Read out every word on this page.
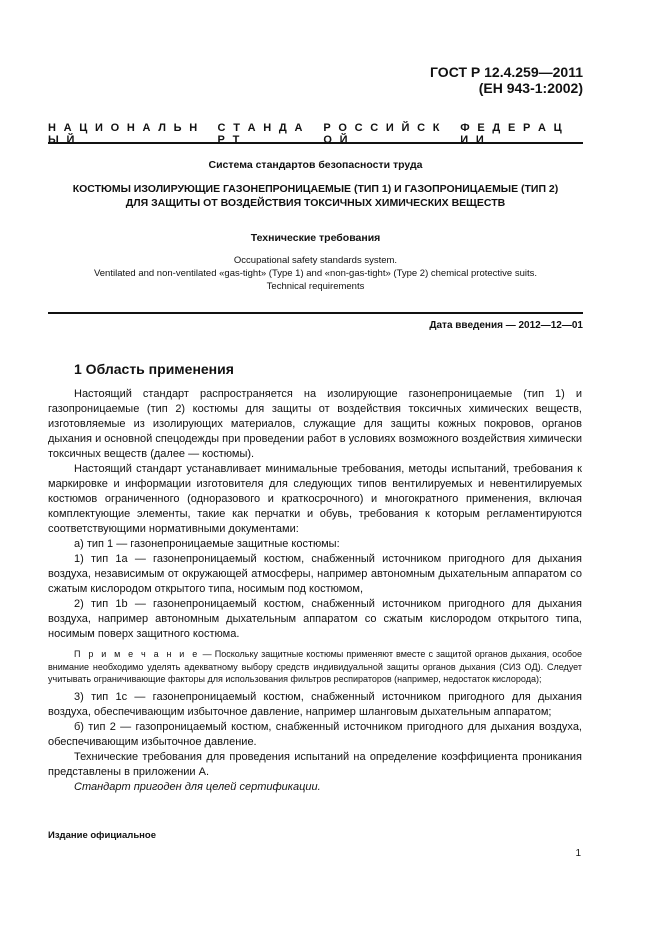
ГОСТ Р 12.4.259—2011
(ЕН 943-1:2002)
Н  А  Ц  И  О  Н  А  Л  Ь  Н  Ы  Й
С  Т  А  Н  Д  А  Р  Т
Р  О  С  С  И  Й  С  К  О  Й
Ф  Е  Д  Е  Р  А  Ц  И  И
Система стандартов безопасности труда
КОСТЮМЫ ИЗОЛИРУЮЩИЕ ГАЗОНЕПРОНИЦАЕМЫЕ (ТИП 1) И ГАЗОПРОНИЦАЕМЫЕ (ТИП 2)
ДЛЯ ЗАЩИТЫ ОТ ВОЗДЕЙСТВИЯ ТОКСИЧНЫХ ХИМИЧЕСКИХ ВЕЩЕСТВ
Технические требования
Occupational safety standards system.
Ventilated and non-ventilated «gas-tight» (Type 1) and «non-gas-tight» (Type 2) chemical protective suits.
Technical requirements
Дата введения — 2012—12—01
1 Область применения

Настоящий стандарт распространяется на изолирующие газонепроницаемые (тип 1) и газопроницаемые (тип 2) костюмы для защиты от воздействия токсичных химических веществ, изготовляемые из изолирующих материалов, служащие для защиты кожных покровов, органов дыхания и основной спецодежды при проведении работ в условиях возможного воздействия химически токсичных веществ (далее — костюмы).

Настоящий стандарт устанавливает минимальные требования, методы испытаний, требования к маркировке и информации изготовителя для следующих типов вентилируемых и невентилируемых костюмов ограниченного (одноразового и краткосрочного) и многократного применения, включая комплектующие элементы, такие как перчатки и обувь, требования к которым регламентируются соответствующими нормативными документами:

а) тип 1 — газонепроницаемые защитные костюмы:

1) тип 1а — газонепроницаемый костюм, снабженный источником пригодного для дыхания воздуха, независимым от окружающей атмосферы, например автономным дыхательным аппаратом со сжатым кислородом открытого типа, носимым под костюмом,

2) тип 1b — газонепроницаемый костюм, снабженный источником пригодного для дыхания воздуха, например автономным дыхательным аппаратом со сжатым кислородом открытого типа, носимым поверх защитного костюма.

П р и м е ч а н и е — Поскольку защитные костюмы применяют вместе с защитой органов дыхания, особое внимание необходимо уделять адекватному выбору средств индивидуальной защиты органов дыхания (СИЗ ОД). Следует учитывать ограничивающие факторы для использования фильтров респираторов (например, недостаток кислорода);

3) тип 1с — газонепроницаемый костюм, снабженный источником пригодного для дыхания воздуха, обеспечивающим избыточное давление, например шланговым дыхательным аппаратом;

б) тип 2 — газопроницаемый костюм, снабженный источником пригодного для дыхания воздуха, обеспечивающим избыточное давление.

Технические требования для проведения испытаний на определение коэффициента проникания представлены в приложении А.

Стандарт пригоден для целей сертификации.

Издание официальное
1
